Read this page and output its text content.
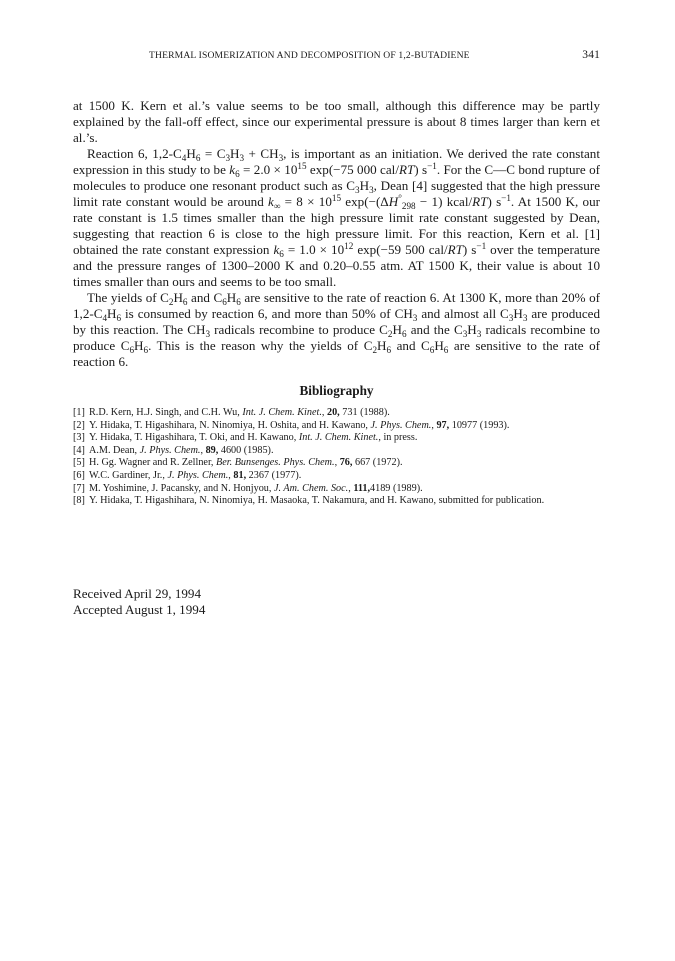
THERMAL ISOMERIZATION AND DECOMPOSITION OF 1,2-BUTADIENE	341

at 1500 K. Kern et al.’s value seems to be too small, although this difference may be partly explained by the fall-off effect, since our experimental pressure is about 8 times larger than kern et al.’s.

Reaction 6, $1,2-C_4H_6 = C_3H_3 + CH_3$, is important as an initiation. We derived the rate constant expression in this study to be $k_6 = 2.0 \times 10^{15}$ exp(−75 000 cal/RT) $s^{-1}$. For the C—C bond rupture of molecules to produce one resonant product such as $C_3H_3$, Dean [4] suggested that the high pressure limit rate constant would be around $k_\infty = 8 \times 10^{15}$ $\exp(-(\Delta H^\circ_{298} - 1)$ kcal/RT) $s^{-1}$. At 1500 K, our rate constant is 1.5 times smaller than the high pressure limit rate constant suggested by Dean, suggesting that reaction 6 is close to the high pressure limit. For this reaction, Kern et al. [1] obtained the rate constant expression $k_6 = 1.0 \times 10^{12}$ exp(−59 500 cal/RT) $s^{-1}$ over the temperature and the pressure ranges of 1300–2000 K and 0.20–0.55 atm. AT 1500 K, their value is about 10 times smaller than ours and seems to be too small.

The yields of $C_2H_6$ and $C_6H_6$ are sensitive to the rate of reaction 6. At 1300 K, more than 20% of $1,2-C_4H_6$ is consumed by reaction 6, and more than 50% of $CH_3$ and almost all $C_3H_3$ are produced by this reaction. The $CH_3$ radicals recombine to produce $C_2H_6$ and the $C_3H_3$ radicals recombine to produce $C_6H_6$. This is the reason why the yields of $C_2H_6$ and $C_6H_6$ are sensitive to the rate of reaction 6.

Bibliography
[1] R.D. Kern, H.J. Singh, and C.H. Wu, Int. J. Chem. Kinet., 20, 731 (1988).
[2] Y. Hidaka, T. Higashihara, N. Ninomiya, H. Oshita, and H. Kawano, J. Phys. Chem., 97, 10977 (1993).
[3] Y. Hidaka, T. Higashihara, T. Oki, and H. Kawano, Int. J. Chem. Kinet., in press.
[4] A.M. Dean, J. Phys. Chem., 89, 4600 (1985).
[5] H. Gg. Wagner and R. Zellner, Ber. Bunsenges. Phys. Chem., 76, 667 (1972).
[6] W.C. Gardiner, Jr., J. Phys. Chem., 81, 2367 (1977).
[7] M. Yoshimine, J. Pacansky, and N. Honjyou, J. Am. Chem. Soc., 111,4189 (1989).
[8] Y. Hidaka, T. Higashihara, N. Ninomiya, H. Masaoka, T. Nakamura, and H. Kawano, submitted for publication.
Received April 29, 1994
Accepted August 1, 1994
